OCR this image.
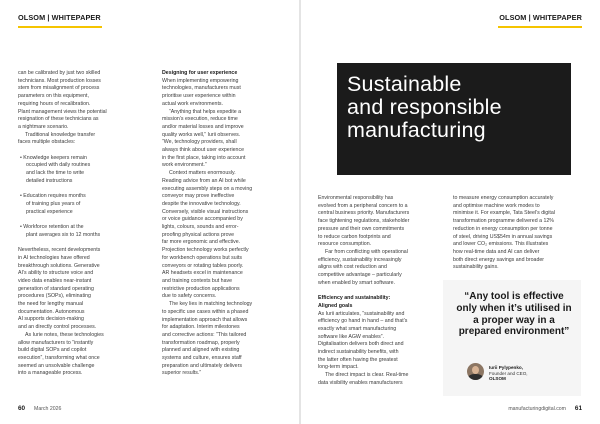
OLSOM | WHITEPAPER

can be calibrated by just two skilled

technicians. Most production losses

stem from misalignment of process

parameters on this equipment,

requiring hours of recalibration.

Plant management views the potential

resignation of these technicians as

a nightmare scenario.

Traditional knowledge transfer

faces multiple obstacles:

• Knowledge keepers remain

occupied with daily routines

and lack the time to write

detailed instructions

• Education requires months

of training plus years of

practical experience

• Workforce retention at the

plant averages six to 12 months

Nevertheless, recent developments

in AI technologies have offered

breakthrough solutions. Generative

AI’s ability to structure voice and

video data enables near-instant

generation of standard operating

procedures (SOPs), eliminating

the need for lengthy manual

documentation. Autonomous

AI supports decision-making

and an directly control processes.

As Iurie notes, these technologies

allow manufacturers to “instantly

build digital SOPs and copilot

execution”, transforming what once

seemed an unsolvable challenge

into a manageable process.

Designing for user experience

When implementing empowering

technologies, manufacturers must

prioritise user experience within

actual work environments.

“Anything that helps expedite a

mission’s execution, reduce time

and/or material losses and improve

quality works well,” Iurii observes.

“We, technology providers, shall

always think about user experience

in the first place, taking into account

work environment.”

Context matters enormously.

Reading advice from an AI bot while

executing assembly steps on a moving

conveyor may prove ineffective

despite the innovative technology.

Conversely, visible visual instructions

or voice guidance accompanied by

lights, colours, sounds and error-

proofing physical actions prove

far more ergonomic and effective.

Projection technology works perfectly

for workbench operations but suits

conveyors or rotating tables poorly.

AR headsets excel in maintenance

and training contexts but have

restrictive production applications

due to safety concerns.

The key lies in matching technology

to specific use cases within a phased

implementation approach that allows

for adaptation. Interim milestones

and corrective actions: “This tailored

transformation roadmap, properly

planned and aligned with existing

systems and culture, ensures staff

preparation and ultimately delivers

superior results.”

60 March 2026
OLSOM | WHITEPAPER
Sustainable
and responsible
manufacturing

Environmental responsibility has

evolved from a peripheral concern to a

central business priority. Manufacturers

face tightening regulations, stakeholder

pressure and their own commitments

to reduce carbon footprints and

resource consumption.

Far from conflicting with operational

efficiency, sustainability increasingly

aligns with cost reduction and

competitive advantage – particularly

when enabled by smart software.

Efficiency and sustainability:

Aligned goals

As Iurii articulates, “sustainability and

efficiency go hand in hand – and that’s

exactly what smart manufacturing

software like AGW enables”.

Digitalisation delivers both direct and

indirect sustainability benefits, with

the latter often having the greatest

long-term impact.

The direct impact is clear. Real-time

data visibility enables manufacturers

to measure energy consumption accurately

and optimise machine work modes to

minimise it. For example, Tata Steel’s digital

transformation programme delivered a 12%

reduction in energy consumption per tonne

of steel, driving US$54m in annual savings

and lower CO₂ emissions. This illustrates

how real-time data and AI can deliver

both direct energy savings and broader

sustainability gains.

“Any tool is effective only when it’s utilised in a proper way in a prepared environment”
Iurii Pylypenko,
Founder and CEO,
OLSOM
manufacturingdigital.com 61
